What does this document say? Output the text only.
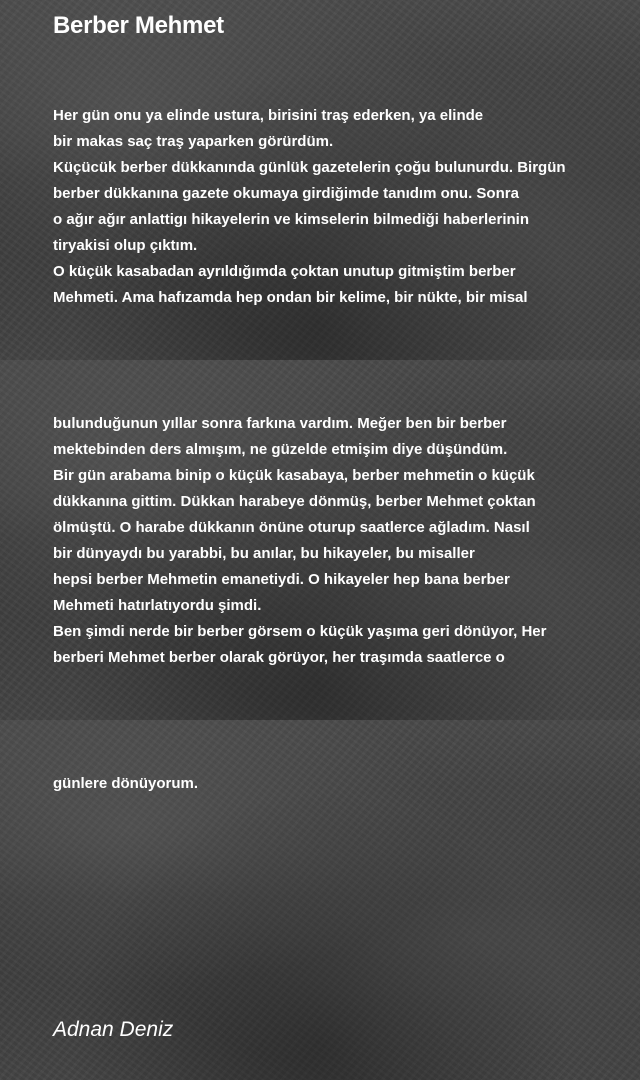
Berber Mehmet
Her gün onu ya elinde ustura, birisini traş ederken, ya elinde
bir makas saç traş yaparken görürdüm.
Küçücük berber dükkanında günlük gazetelerin çoğu bulunurdu. Birgün
berber dükkanına gazete okumaya girdiğimde tanıdım onu. Sonra
o ağır ağır anlattigı hikayelerin ve kimselerin bilmediği haberlerinin
tiryakisi olup çıktım.
O küçük kasabadan ayrıldığımda çoktan unutup gitmiştim berber
Mehmeti. Ama hafızamda hep ondan bir kelime, bir nükte, bir misal
bulunduğunun yıllar sonra farkına vardım. Meğer ben bir berber
mektebinden ders almışım, ne güzelde etmişim diye düşündüm.
Bir gün arabama binip o küçük kasabaya, berber mehmetin o küçük
dükkanına gittim. Dükkan harabeye dönmüş, berber Mehmet çoktan
ölmüştü. O harabe dükkanın önüne oturup saatlerce ağladım. Nasıl
bir dünyaydı bu yarabbi, bu anılar, bu hikayeler, bu misaller
hepsi berber Mehmetin emanetiydi. O hikayeler hep bana berber
Mehmeti hatırlatıyordu şimdi.
Ben şimdi nerde bir berber görsem o küçük yaşıma geri dönüyor, Her
berberi Mehmet berber olarak görüyor, her traşımda saatlerce o
günlere dönüyorum.

Adnan Deniz
